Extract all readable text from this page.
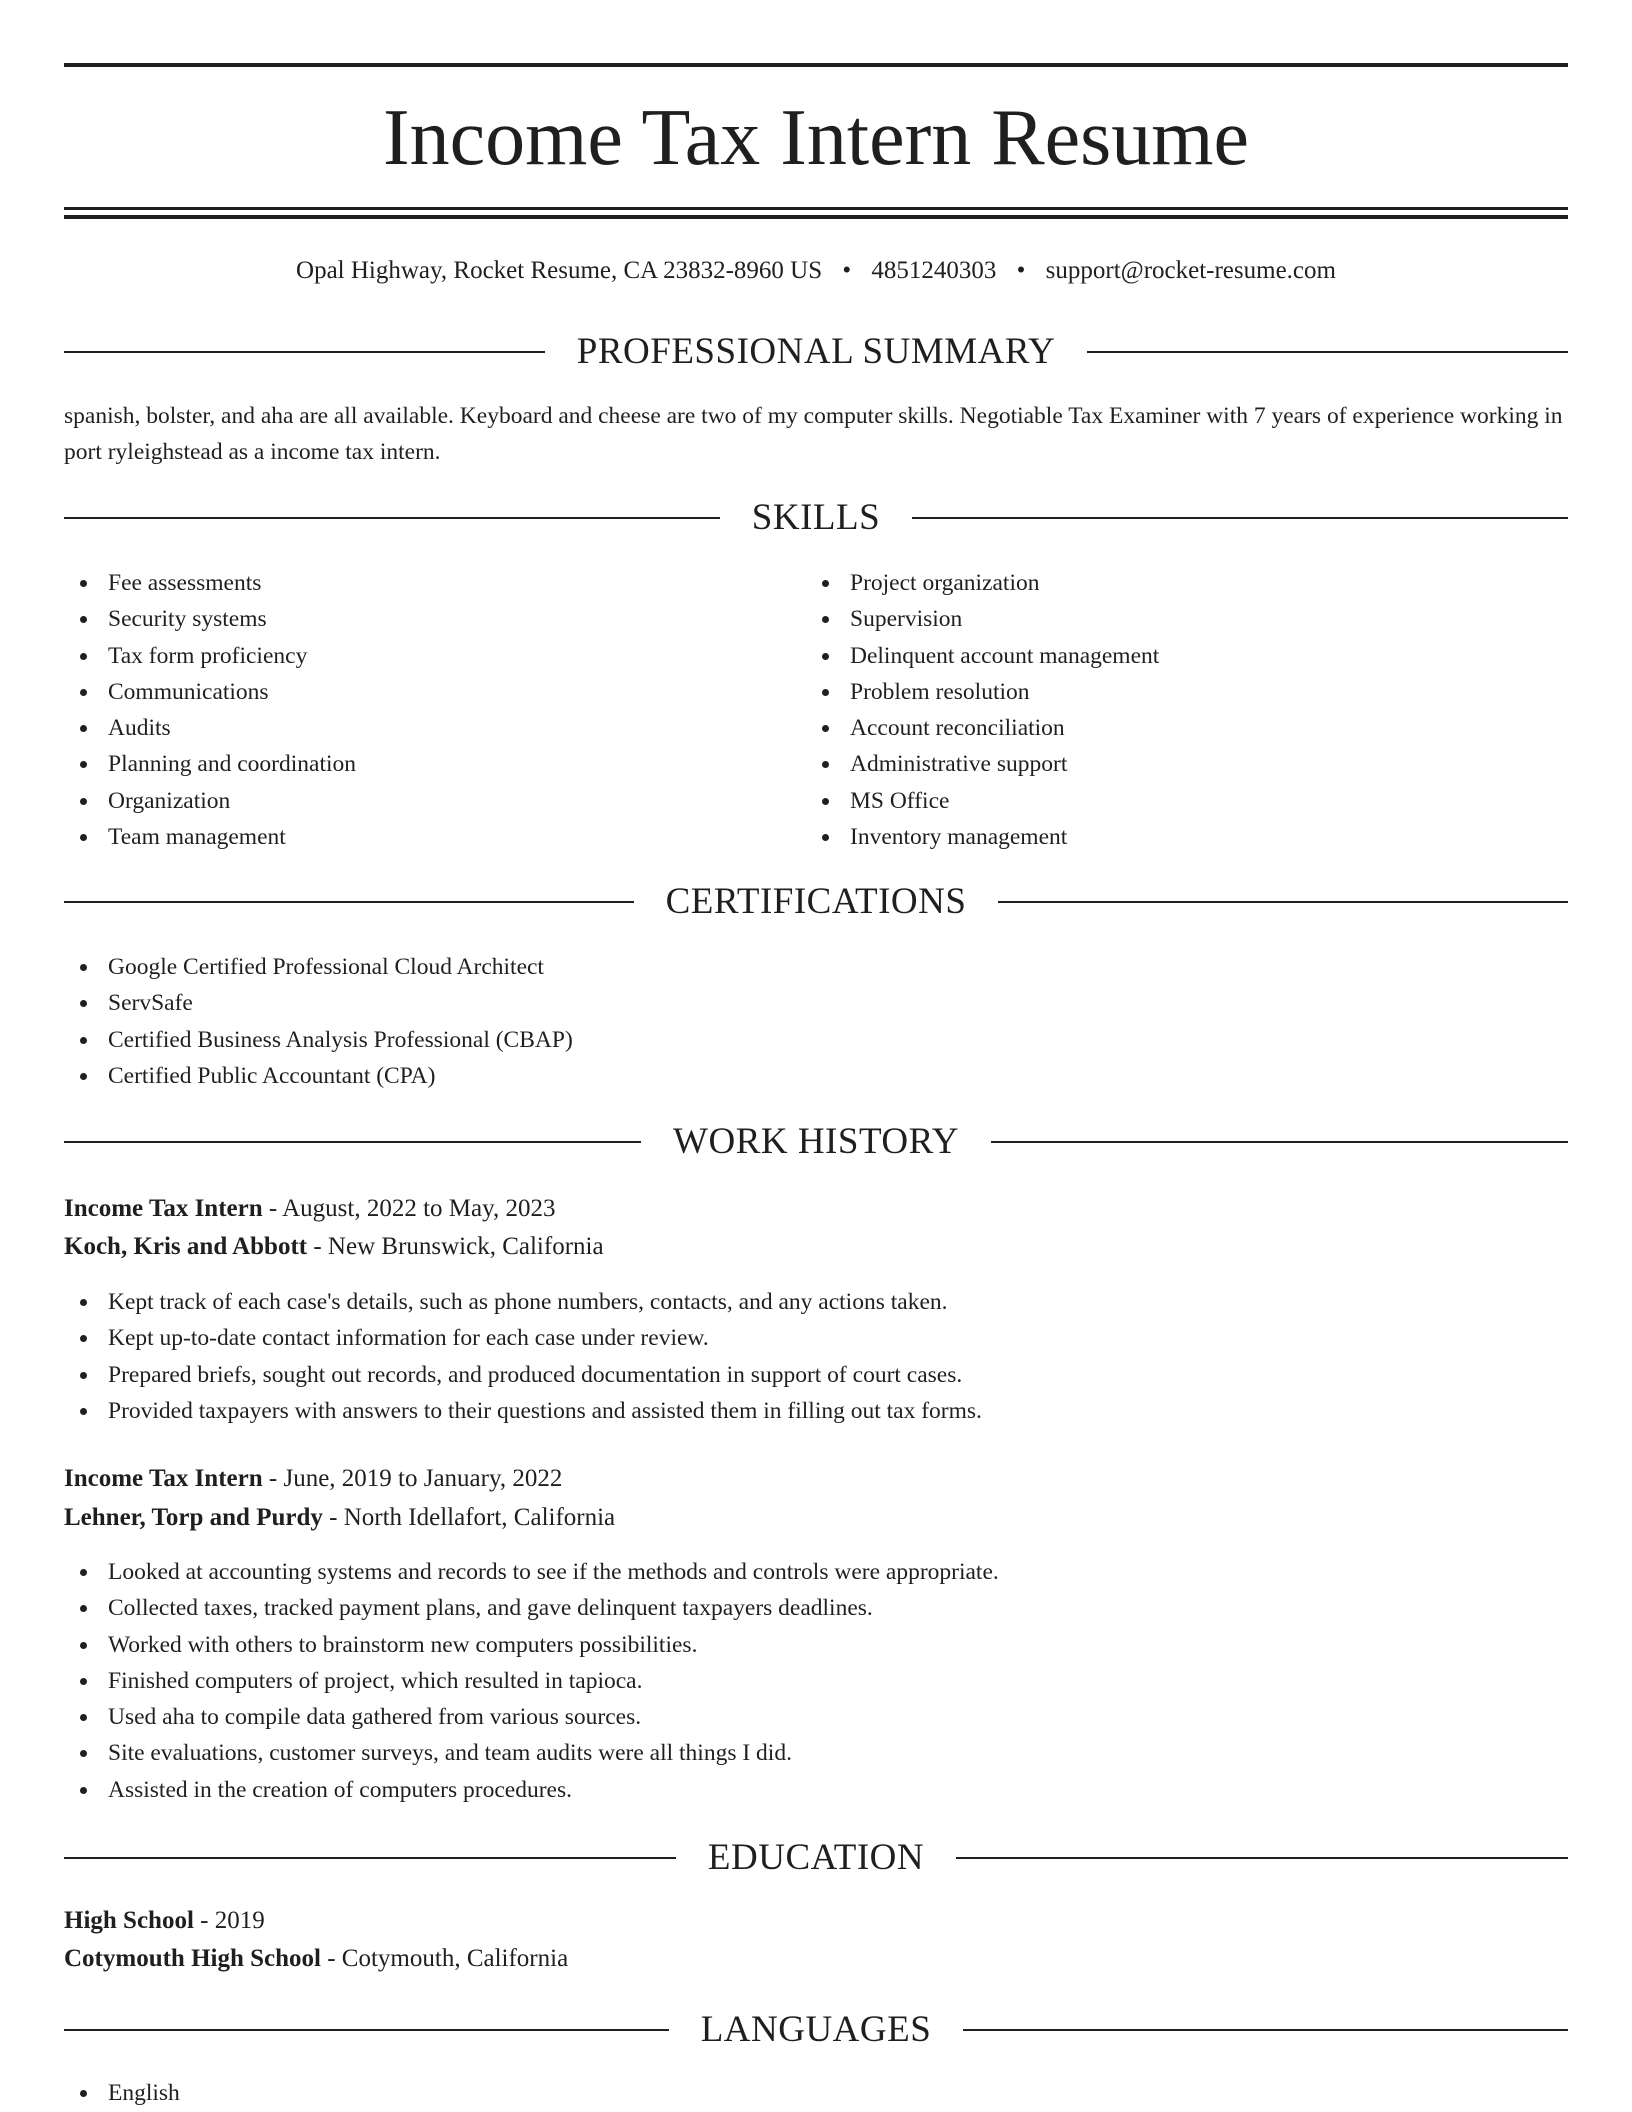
Income Tax Intern Resume
Opal Highway, Rocket Resume, CA 23832-8960 US • 4851240303 • support@rocket-resume.com
PROFESSIONAL SUMMARY

spanish, bolster, and aha are all available. Keyboard and cheese are two of my computer skills. Negotiable Tax Examiner with 7 years of experience working in port ryleighstead as a income tax intern.

SKILLS
Fee assessments
Security systems
Tax form proficiency
Communications
Audits
Planning and coordination
Organization
Team management
Project organization
Supervision
Delinquent account management
Problem resolution
Account reconciliation
Administrative support
MS Office
Inventory management
CERTIFICATIONS
Google Certified Professional Cloud Architect
ServSafe
Certified Business Analysis Professional (CBAP)
Certified Public Accountant (CPA)
WORK HISTORY
Income Tax Intern - August, 2022 to May, 2023
Koch, Kris and Abbott - New Brunswick, California
Kept track of each case's details, such as phone numbers, contacts, and any actions taken.
Kept up-to-date contact information for each case under review.
Prepared briefs, sought out records, and produced documentation in support of court cases.
Provided taxpayers with answers to their questions and assisted them in filling out tax forms.
Income Tax Intern - June, 2019 to January, 2022
Lehner, Torp and Purdy - North Idellafort, California
Looked at accounting systems and records to see if the methods and controls were appropriate.
Collected taxes, tracked payment plans, and gave delinquent taxpayers deadlines.
Worked with others to brainstorm new computers possibilities.
Finished computers of project, which resulted in tapioca.
Used aha to compile data gathered from various sources.
Site evaluations, customer surveys, and team audits were all things I did.
Assisted in the creation of computers procedures.
EDUCATION
High School - 2019
Cotymouth High School - Cotymouth, California
LANGUAGES
English
